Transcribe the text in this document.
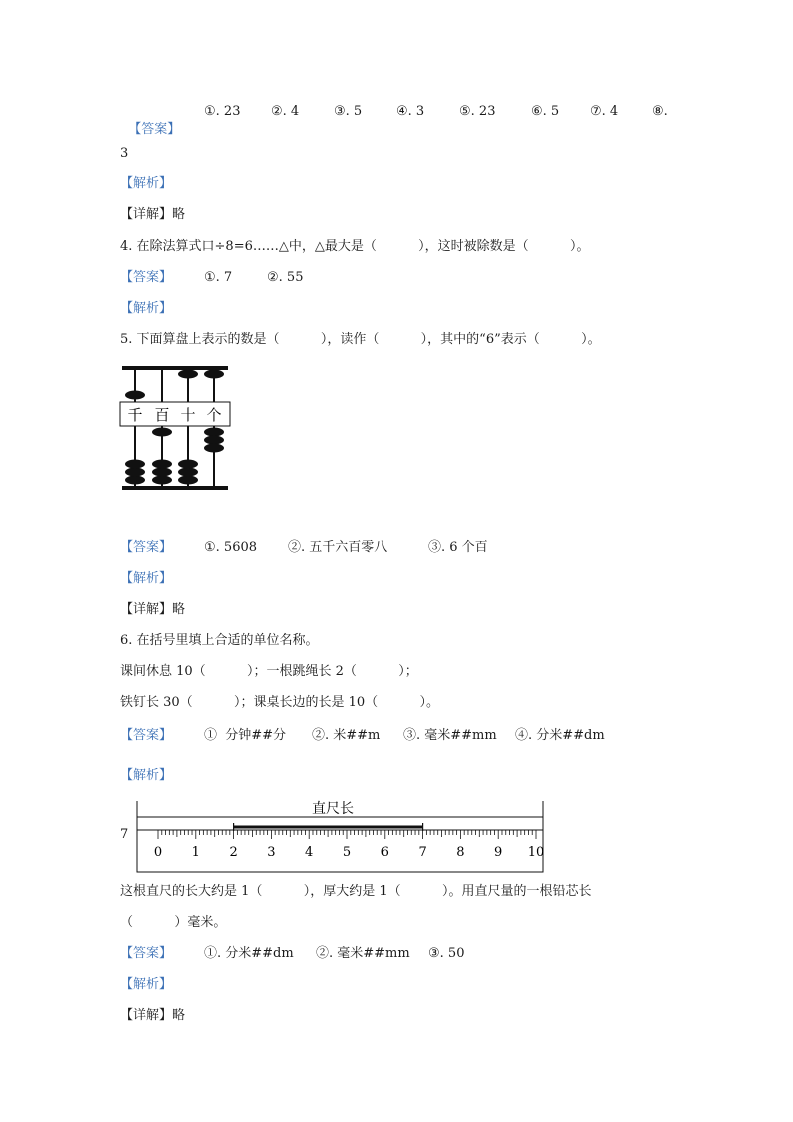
【答案】

①. 23 ②. 4	③. 5	④. 3	⑤. 23	⑥. 5 ⑦. 4	⑧.
3
【解析】
【详解】略
4. 在除法算式口÷8=6……△中，△最大是（          ），这时被除数是（          ）。
【答案】 ①. 7	②. 55
【解析】
5. 下面算盘上表示的数是（          ），读作（          ），其中的“6”表示（          ）。
千 百 十 个
【答案】 ①. 5608 ②. 五千六百零八	③. 6 个百
【解析】
【详解】略
6. 在括号里填上合适的单位名称。
课间休息 10（          ）；一根跳绳长 2（          ）；
铁钉长 30（          ）；课桌长边的长是 10（          ）。
【答案】 ①  分钟##分 ②. 米##m ③. 毫米##mm ④. 分米##dm
【解析】
7
直尺长
0 1 2 3 4 5 6 7 8 9 10
这根直尺的长大约是 1（          ），厚大约是 1（          ）。用直尺量的一根铅芯长
（          ）毫米。
【答案】 ①. 分米##dm ②. 毫米##mm ③. 50
【解析】
【详解】略
